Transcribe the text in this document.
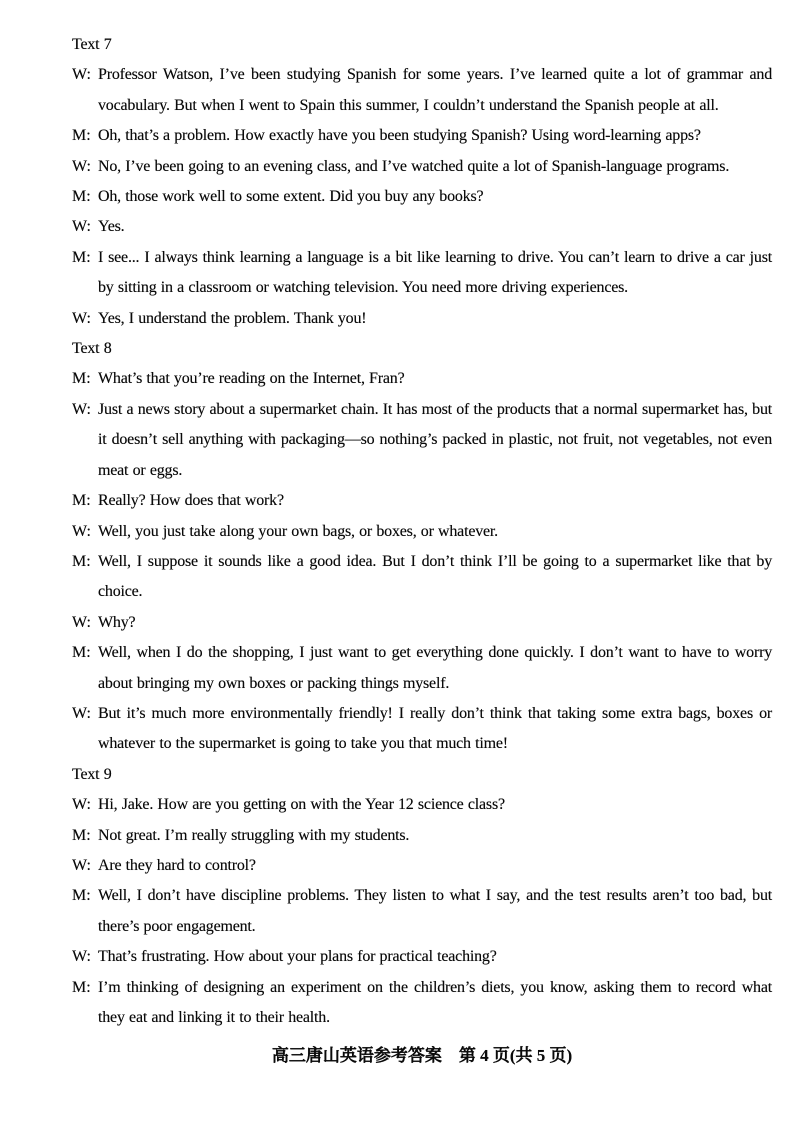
Text 7

W: Professor Watson, I’ve been studying Spanish for some years. I’ve learned quite a lot of grammar and vocabulary. But when I went to Spain this summer, I couldn’t understand the Spanish people at all.

M: Oh, that’s a problem. How exactly have you been studying Spanish? Using word-learning apps?

W: No, I’ve been going to an evening class, and I’ve watched quite a lot of Spanish-language programs.

M: Oh, those work well to some extent. Did you buy any books?

W: Yes.

M: I see... I always think learning a language is a bit like learning to drive. You can’t learn to drive a car just by sitting in a classroom or watching television. You need more driving experiences.

W: Yes, I understand the problem. Thank you!

Text 8

M: What’s that you’re reading on the Internet, Fran?

W: Just a news story about a supermarket chain. It has most of the products that a normal supermarket has, but it doesn’t sell anything with packaging—so nothing’s packed in plastic, not fruit, not vegetables, not even meat or eggs.

M: Really? How does that work?

W: Well, you just take along your own bags, or boxes, or whatever.

M: Well, I suppose it sounds like a good idea. But I don’t think I’ll be going to a supermarket like that by choice.

W: Why?

M: Well, when I do the shopping, I just want to get everything done quickly. I don’t want to have to worry about bringing my own boxes or packing things myself.

W: But it’s much more environmentally friendly! I really don’t think that taking some extra bags, boxes or whatever to the supermarket is going to take you that much time!

Text 9

W: Hi, Jake. How are you getting on with the Year 12 science class?

M: Not great. I’m really struggling with my students.

W: Are they hard to control?

M: Well, I don’t have discipline problems. They listen to what I say, and the test results aren’t too bad, but there’s poor engagement.

W: That’s frustrating. How about your plans for practical teaching?

M: I’m thinking of designing an experiment on the children’s diets, you know, asking them to record what they eat and linking it to their health.

高三唐山英语参考答案　第 4 页(共 5 页)
